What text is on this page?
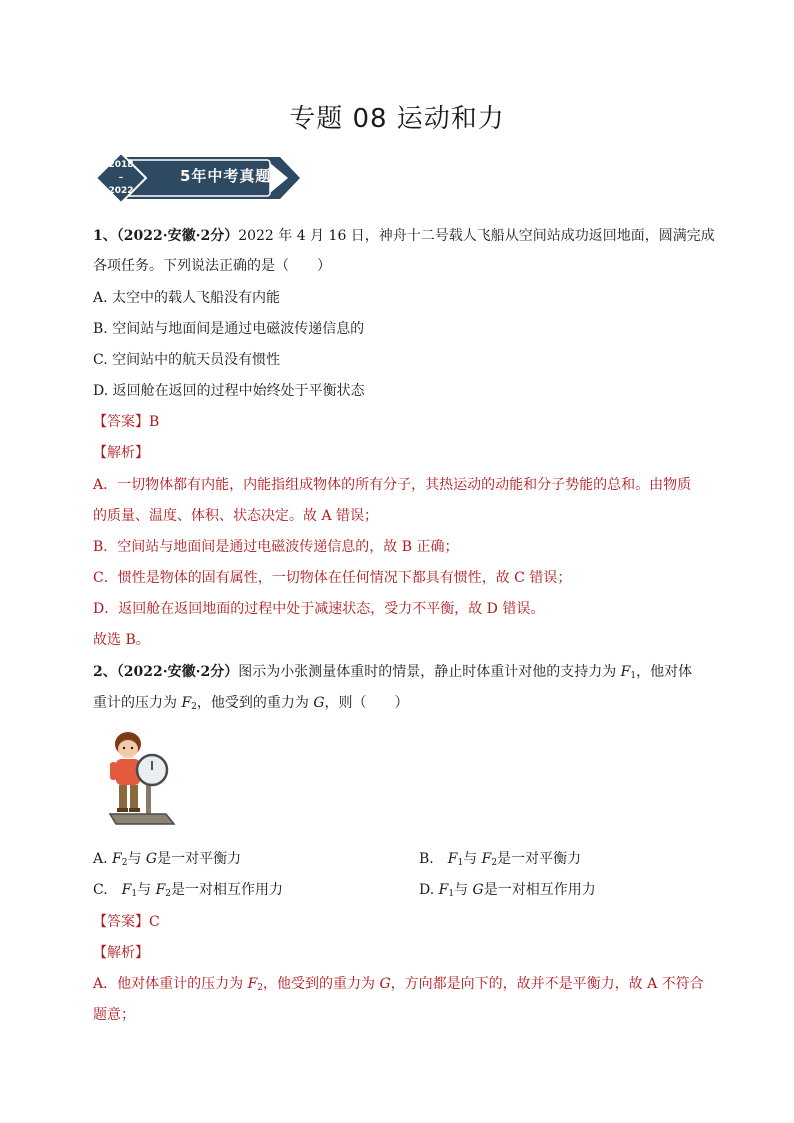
专题 08 运动和力
2018
–
2022
5年中考真题
1、（2022·安徽·2分）2022 年 4 月 16 日，神舟十二号载人飞船从空间站成功返回地面，圆满完成
各项任务。下列说法正确的是（　　）
A. 太空中的载人飞船没有内能
B. 空间站与地面间是通过电磁波传递信息的
C. 空间站中的航天员没有惯性
D. 返回舱在返回的过程中始终处于平衡状态
【答案】B
【解析】
A．一切物体都有内能，内能指组成物体的所有分子，其热运动的动能和分子势能的总和。由物质
的质量、温度、体积、状态决定。故 A 错误；
B．空间站与地面间是通过电磁波传递信息的，故 B 正确；
C．惯性是物体的固有属性，一切物体在任何情况下都具有惯性，故 C 错误；
D．返回舱在返回地面的过程中处于减速状态，受力不平衡，故 D 错误。
故选 B。
2、（2022·安徽·2分）图示为小张测量体重时的情景，静止时体重计对他的支持力为 $F_1$，他对体
重计的压力为 $F_2$，他受到的重力为 G，则（　　）
A. $F_2$与 G是一对平衡力	B.　$F_1$与 $F_2$是一对平衡力
C.　$F_1$与 $F_2$是一对相互作用力	D. $F_1$与 G是一对相互作用力
【答案】C
【解析】
A．他对体重计的压力为 $F_2$，他受到的重力为 G，方向都是向下的，故并不是平衡力，故 A 不符合
题意；
